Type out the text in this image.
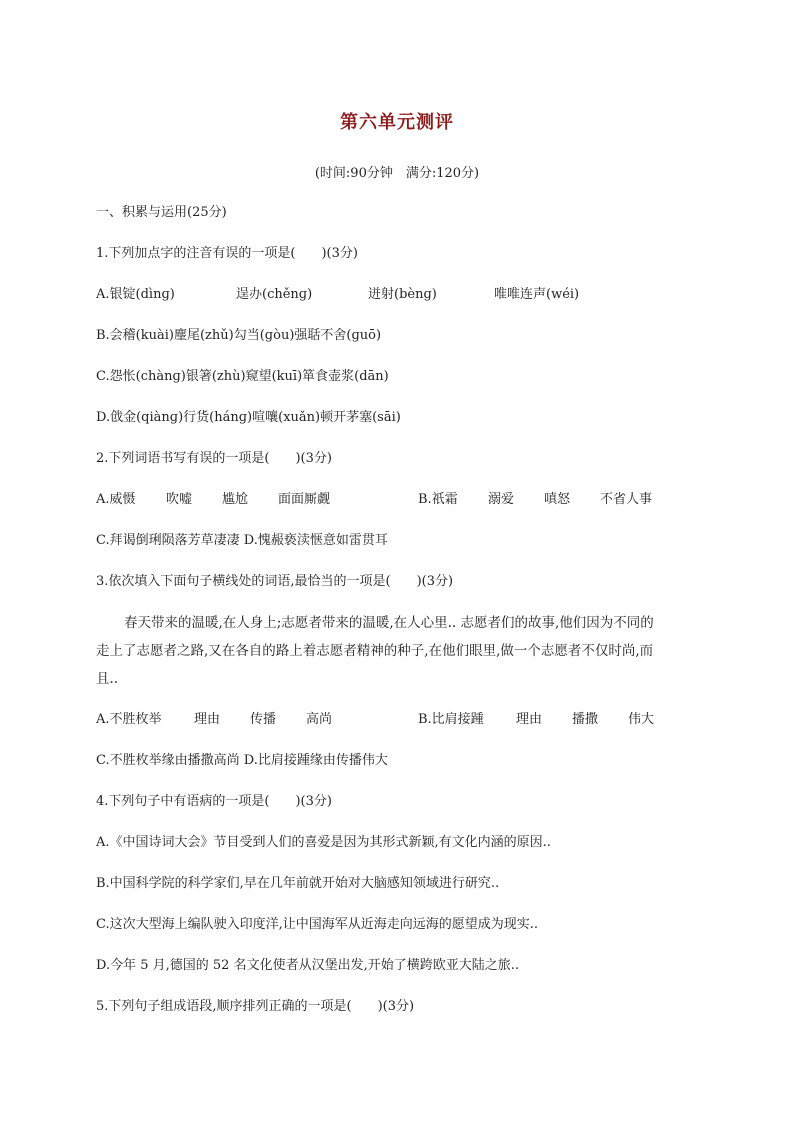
第六单元测评
(时间:90分钟　满分:120分)
一、积累与运用(25分)
1.下列加点字的注音有误的一项是(　　)(3分)
A.银锭(dìnɡ)	逞办(chěnɡ)	迸射(bènɡ)	唯唯连声(wéi)
B.会稽(kuài)麈尾(zhǔ)勾当(ɡòu)强聒不舍(ɡuō)
C.怨怅(chànɡ)银箸(zhù)窥望(kuī)箪食壶浆(dān)
D.戗金(qiànɡ)行货(hánɡ)喧嚷(xuǎn)顿开茅塞(sāi)
2.下列词语书写有误的一项是(　　)(3分)
A.威慑 吹嘘 尴尬 面面厮觑	B.祇霜 溺爱 嗔怒 不省人事
C.拜谒倒琍陨落芳草凄凄 D.愧赧亵渎惬意如雷贯耳
3.依次填入下面句子横线处的词语,最恰当的一项是(　　)(3分)
春天带来的温暖,在人身上;志愿者带来的温暖,在人心里.. 志愿者们的故事,他们因为不同的
走上了志愿者之路,又在各自的路上着志愿者精神的种子,在他们眼里,做一个志愿者不仅时尚,而
且..
A.不胜枚举 理由 传播 高尚	B.比肩接踵 理由 播撒 伟大
C.不胜枚举缘由播撒高尚 D.比肩接踵缘由传播伟大
4.下列句子中有语病的一项是(　　)(3分)
A.《中国诗词大会》节目受到人们的喜爱是因为其形式新颖,有文化内涵的原因..
B.中国科学院的科学家们,早在几年前就开始对大脑感知领域进行研究..
C.这次大型海上编队驶入印度洋,让中国海军从近海走向远海的愿望成为现实..
D.今年 5 月,德国的 52 名文化使者从汉堡出发,开始了横跨欧亚大陆之旅..
5.下列句子组成语段,顺序排列正确的一项是(　　)(3分)
